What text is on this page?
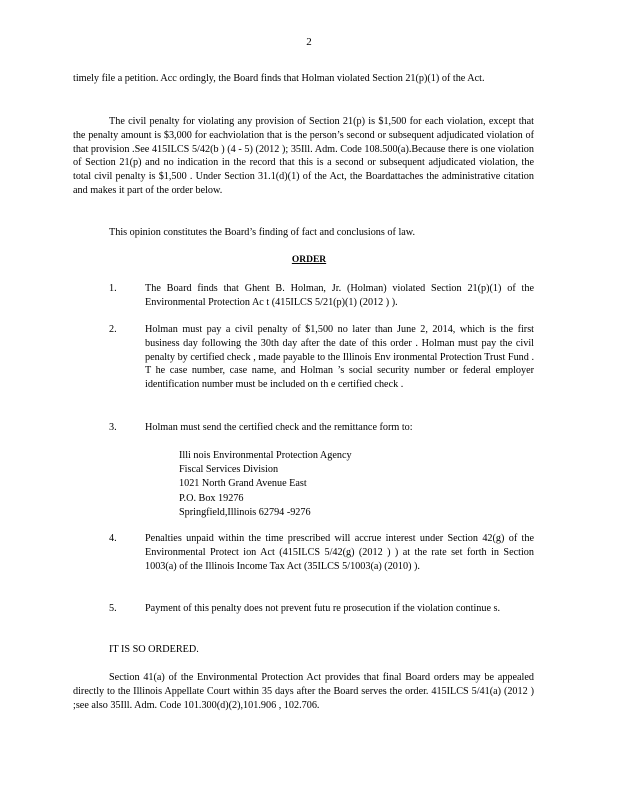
2

timely file a petition. Acc ordingly, the Board finds that Holman violated Section 21(p)(1) of the Act.

The civil penalty for violating any provision of Section 21(p) is $1,500 for each violation, except that the penalty amount is $3,000 for eachviolation that is the person’s second or subsequent adjudicated violation of that provision .See 415ILCS 5/42(b ) (4 - 5) (2012 ); 35Ill. Adm. Code 108.500(a).Because there is one violation of Section 21(p) and no indication in the record that this is a second or subsequent adjudicated violation, the total civil penalty is $1,500 . Under Section 31.1(d)(1) of the Act, the Boardattaches the administrative citation and makes it part of the order below.

This opinion constitutes the Board’s finding of fact and conclusions of law.

ORDER
1.	The Board finds that Ghent B. Holman, Jr. (Holman) violated Section 21(p)(1) of the Environmental Protection Ac t (415ILCS 5/21(p)(1) (2012 ) ).
2.	Holman must pay a civil penalty of $1,500 no later than June 2, 2014, which is the first business day following the 30th day after the date of this order . Holman must pay the civil penalty by certified check , made payable to the Illinois Env ironmental Protection Trust Fund . T he case number, case name, and Holman ’s social security number or federal employer identification number must be included on th e certified check .
3.	Holman must send the certified check and the remittance form to:
Illi nois Environmental Protection Agency
Fiscal Services Division
1021 North Grand Avenue East
P.O. Box 19276
Springfield,Illinois 62794 -9276
4.	Penalties unpaid within the time prescribed will accrue interest under Section 42(g) of the Environmental Protect ion Act (415ILCS 5/42(g) (2012 ) ) at the rate set forth in Section 1003(a) of the Illinois Income Tax Act (35ILCS 5/1003(a) (2010) ).
5.	Payment of this penalty does not prevent futu re prosecution if the violation continue s.
IT IS SO ORDERED.

Section 41(a) of the Environmental Protection Act provides that final Board orders may be appealed directly to the Illinois Appellate Court within 35 days after the Board serves the order. 415ILCS 5/41(a) (2012 ) ;see also 35Ill. Adm. Code 101.300(d)(2),101.906 , 102.706.
